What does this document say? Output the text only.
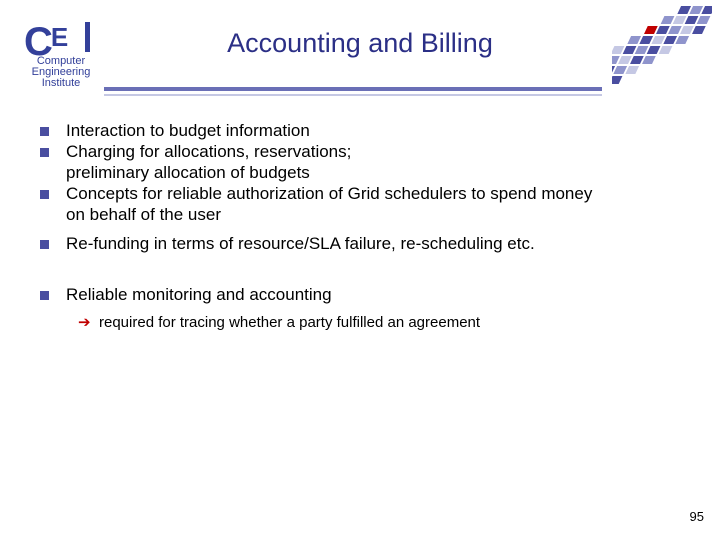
$C^E$
Computer
Engineering
Institute
Accounting and Billing
Interaction to budget information
Charging for allocations, reservations;
preliminary allocation of budgets
Concepts for reliable authorization of Grid schedulers to spend money
on behalf of the user
Re-funding in terms of resource/SLA failure, re-scheduling etc.
Reliable monitoring and accounting
➔ required for tracing whether a party fulfilled an agreement
95
